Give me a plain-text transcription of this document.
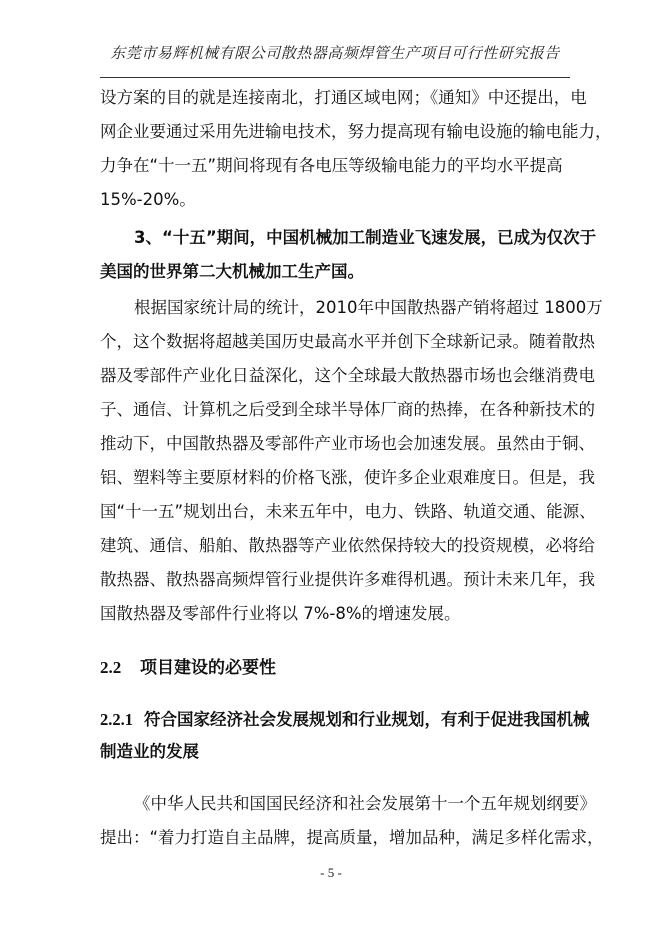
东莞市易辉机械有限公司散热器高频焊管生产项目可行性研究报告
设方案的目的就是连接南北，打通区域电网；《通知》中还提出，电
网企业要通过采用先进输电技术，努力提高现有输电设施的输电能力，
力争在“十一五”期间将现有各电压等级输电能力的平均水平提高
15%-20%。
3、“十五”期间，中国机械加工制造业飞速发展，已成为仅次于
美国的世界第二大机械加工生产国。
根据国家统计局的统计，2010年中国散热器产销将超过 1800万
个，这个数据将超越美国历史最高水平并创下全球新记录。随着散热
器及零部件产业化日益深化，这个全球最大散热器市场也会继消费电
子、通信、计算机之后受到全球半导体厂商的热捧，在各种新技术的
推动下，中国散热器及零部件产业市场也会加速发展。虽然由于铜、
铝、塑料等主要原材料的价格飞涨，使许多企业艰难度日。但是，我
国“十一五”规划出台，未来五年中，电力、铁路、轨道交通、能源、
建筑、通信、船舶、散热器等产业依然保持较大的投资规模，必将给
散热器、散热器高频焊管行业提供许多难得机遇。预计未来几年，我
国散热器及零部件行业将以 7%-8%的增速发展。
2.2 项目建设的必要性
2.2.1 符合国家经济社会发展规划和行业规划，有利于促进我国机械
制造业的发展
《中华人民共和国国民经济和社会发展第十一个五年规划纲要》
提出：“着力打造自主品牌，提高质量，增加品种，满足多样化需求，
- 5 -
